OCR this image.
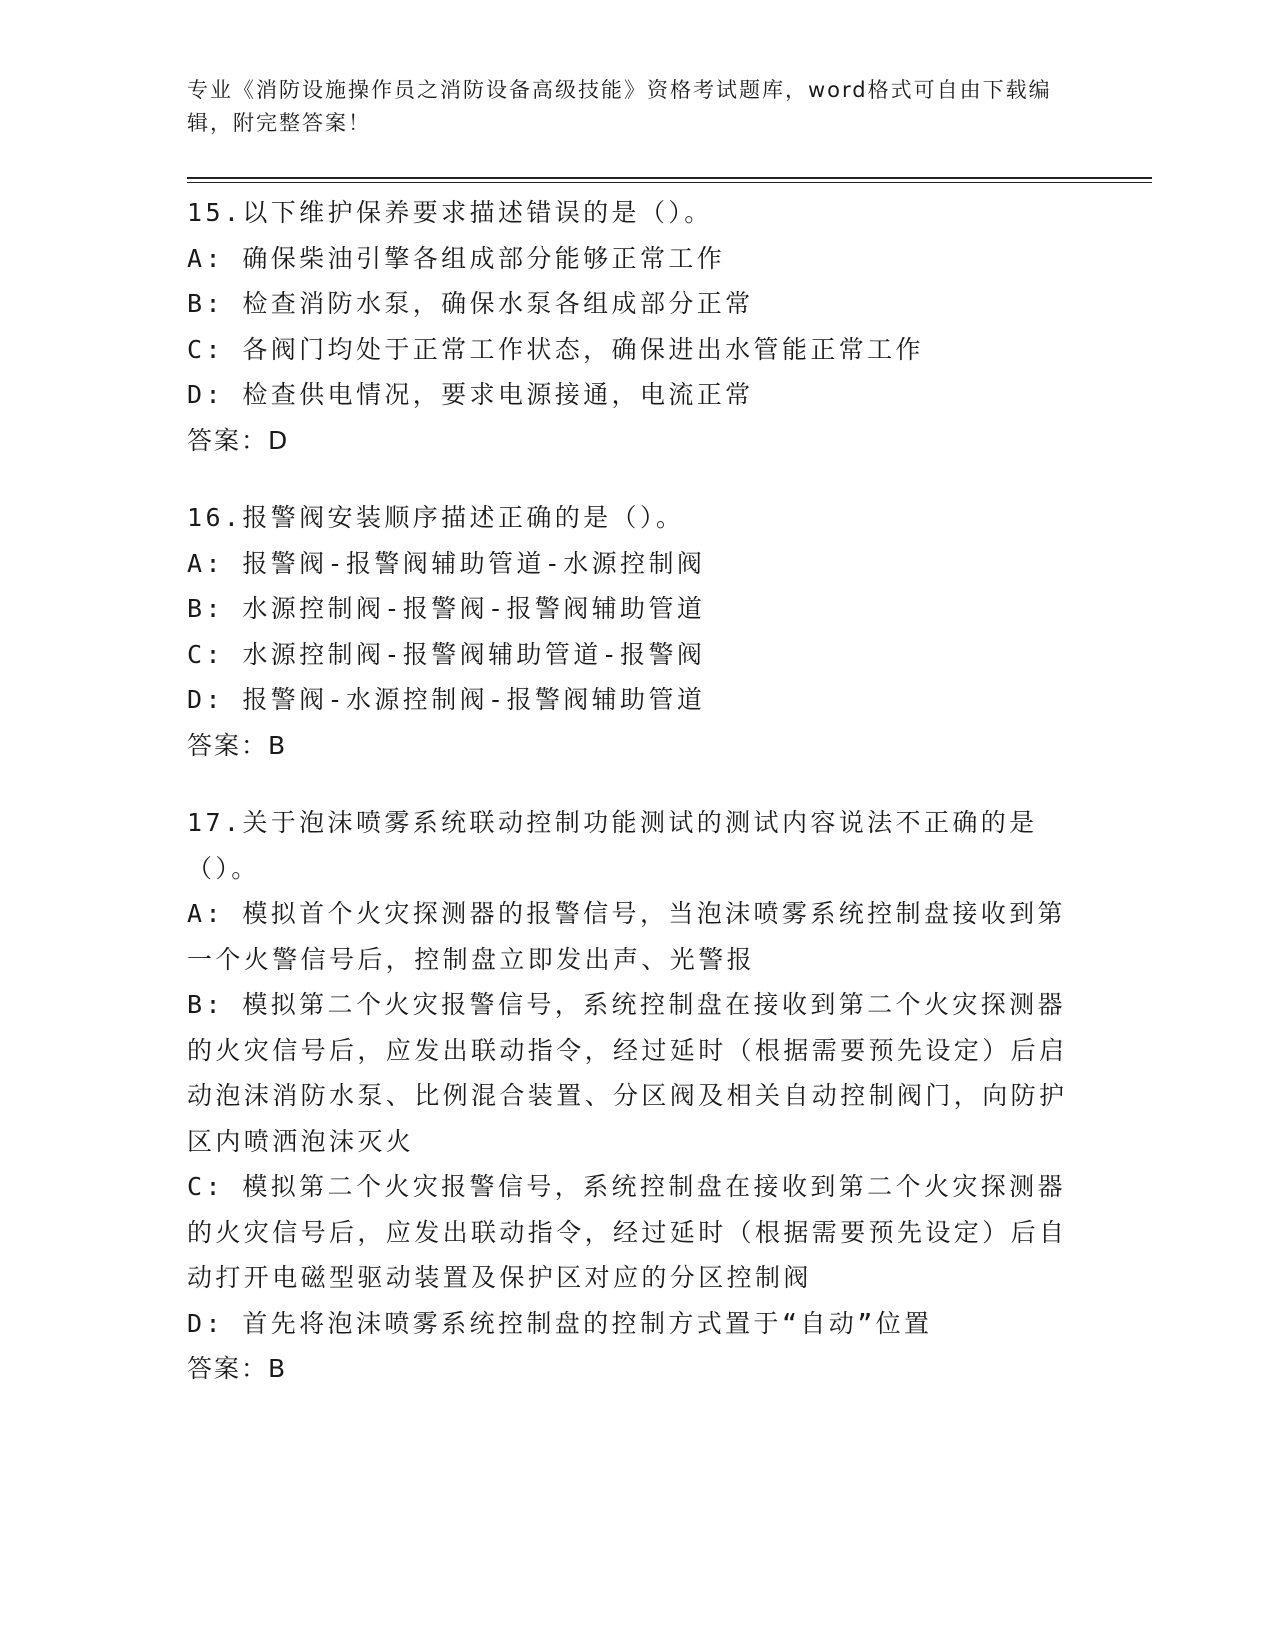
专业《消防设施操作员之消防设备高级技能》资格考试题库，word格式可自由下载编辑，附完整答案！
15.以下维护保养要求描述错误的是（）。
A: 确保柴油引擎各组成部分能够正常工作
B: 检查消防水泵，确保水泵各组成部分正常
C: 各阀门均处于正常工作状态，确保进出水管能正常工作
D: 检查供电情况，要求电源接通，电流正常
答案：D
16.报警阀安装顺序描述正确的是（）。
A: 报警阀-报警阀辅助管道-水源控制阀
B: 水源控制阀-报警阀-报警阀辅助管道
C: 水源控制阀-报警阀辅助管道-报警阀
D: 报警阀-水源控制阀-报警阀辅助管道
答案：B
17.关于泡沫喷雾系统联动控制功能测试的测试内容说法不正确的是（）。
A: 模拟首个火灾探测器的报警信号，当泡沫喷雾系统控制盘接收到第一个火警信号后，控制盘立即发出声、光警报
B: 模拟第二个火灾报警信号，系统控制盘在接收到第二个火灾探测器的火灾信号后，应发出联动指令，经过延时（根据需要预先设定）后启动泡沫消防水泵、比例混合装置、分区阀及相关自动控制阀门，向防护区内喷洒泡沫灭火
C: 模拟第二个火灾报警信号，系统控制盘在接收到第二个火灾探测器的火灾信号后，应发出联动指令，经过延时（根据需要预先设定）后自动打开电磁型驱动装置及保护区对应的分区控制阀
D: 首先将泡沫喷雾系统控制盘的控制方式置于“自动”位置
答案：B
